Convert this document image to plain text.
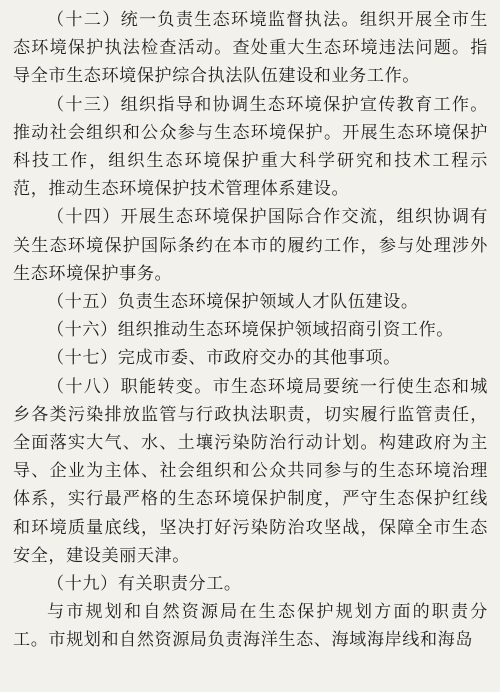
（十二）统一负责生态环境监督执法。组织开展全市生态环境保护执法检查活动。查处重大生态环境违法问题。指导全市生态环境保护综合执法队伍建设和业务工作。

（十三）组织指导和协调生态环境保护宣传教育工作。推动社会组织和公众参与生态环境保护。开展生态环境保护科技工作，组织生态环境保护重大科学研究和技术工程示范，推动生态环境保护技术管理体系建设。

（十四）开展生态环境保护国际合作交流，组织协调有关生态环境保护国际条约在本市的履约工作，参与处理涉外生态环境保护事务。

（十五）负责生态环境保护领域人才队伍建设。

（十六）组织推动生态环境保护领域招商引资工作。

（十七）完成市委、市政府交办的其他事项。

（十八）职能转变。市生态环境局要统一行使生态和城乡各类污染排放监管与行政执法职责，切实履行监管责任，全面落实大气、水、土壤污染防治行动计划。构建政府为主导、企业为主体、社会组织和公众共同参与的生态环境治理体系，实行最严格的生态环境保护制度，严守生态保护红线和环境质量底线，坚决打好污染防治攻坚战，保障全市生态安全，建设美丽天津。

（十九）有关职责分工。

与市规划和自然资源局在生态保护规划方面的职责分工。市规划和自然资源局负责海洋生态、海域海岸线和海岛
